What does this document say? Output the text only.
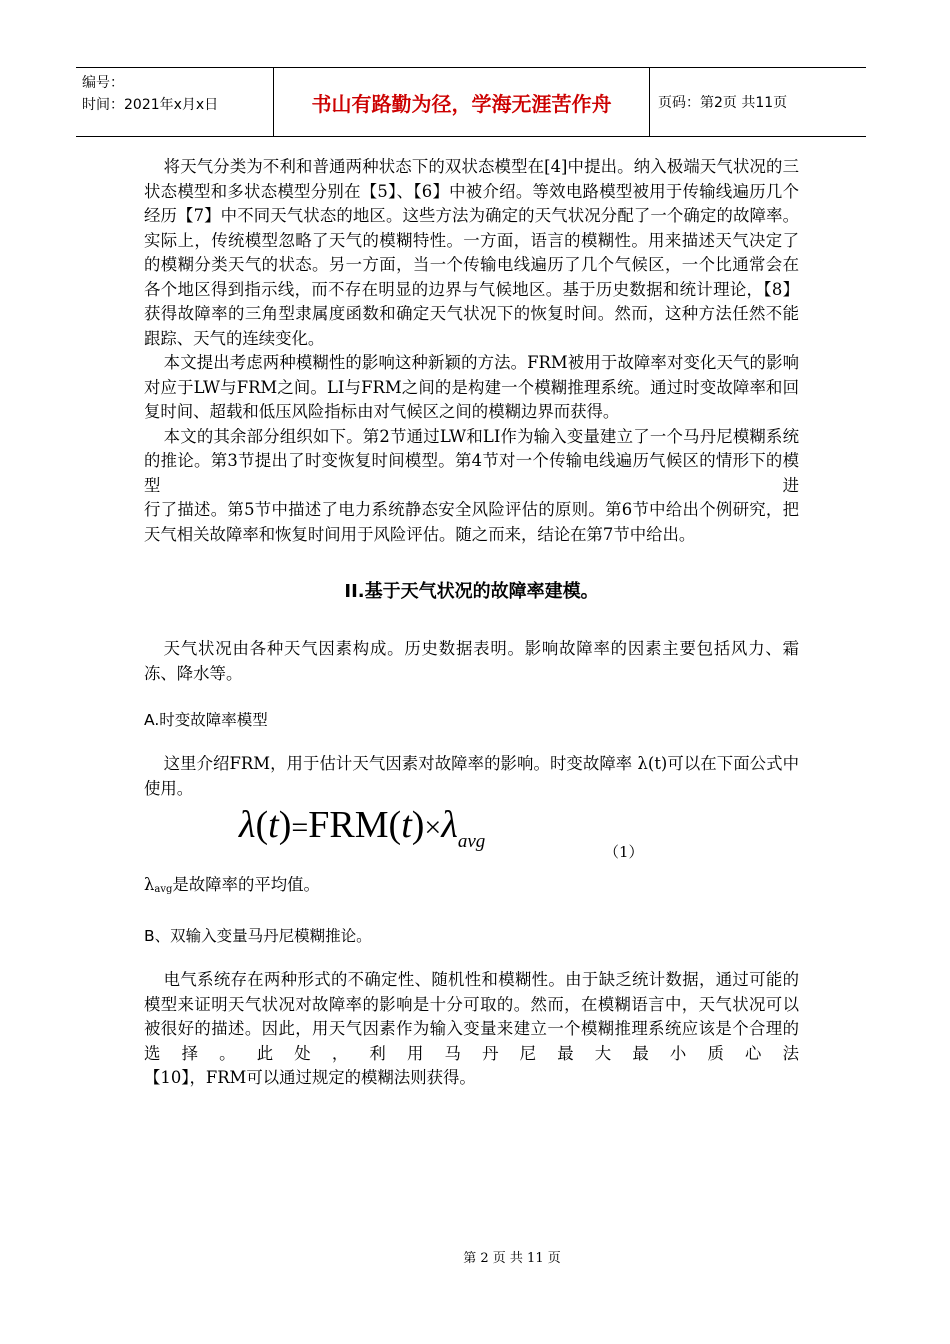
编号：
时间：2021年x月x日	书山有路勤为径，学海无涯苦作舟	页码：第2页 共11页

将天气分类为不利和普通两种状态下的双状态模型在[4]中提出。纳入极端天气状况的三状态模型和多状态模型分别在【5】、【6】中被介绍。等效电路模型被用于传输线遍历几个经历【7】中不同天气状态的地区。这些方法为确定的天气状况分配了一个确定的故障率。实际上，传统模型忽略了天气的模糊特性。一方面，语言的模糊性。用来描述天气决定了的模糊分类天气的状态。另一方面，当一个传输电线遍历了几个气候区，一个比通常会在各个地区得到指示线，而不存在明显的边界与气候地区。基于历史数据和统计理论，【8】获得故障率的三角型隶属度函数和确定天气状况下的恢复时间。然而，这种方法任然不能跟踪、天气的连续变化。

本文提出考虑两种模糊性的影响这种新颖的方法。FRM被用于故障率对变化天气的影响对应于LW与FRM之间。LI与FRM之间的是构建一个模糊推理系统。通过时变故障率和回复时间、超载和低压风险指标由对气候区之间的模糊边界而获得。

本文的其余部分组织如下。第2节通过LW和LI作为输入变量建立了一个马丹尼模糊系统的推论。第3节提出了时变恢复时间模型。第4节对一个传输电线遍历气候区的情形下的模型进

行了描述。第5节中描述了电力系统静态安全风险评估的原则。第6节中给出个例研究，把天气相关故障率和恢复时间用于风险评估。随之而来，结论在第7节中给出。

II.基于天气状况的故障率建模。

天气状况由各种天气因素构成。历史数据表明。影响故障率的因素主要包括风力、霜冻、降水等。

A.时变故障率模型

这里介绍FRM，用于估计天气因素对故障率的影响。时变故障率 λ(t)可以在下面公式中使用。

$\lambda(t)=FRM(t)\times\lambda_{avg}$	（1）

λavg是故障率的平均值。

B、双输入变量马丹尼模糊推论。

电气系统存在两种形式的不确定性、随机性和模糊性。由于缺乏统计数据，通过可能的模型来证明天气状况对故障率的影响是十分可取的。然而，在模糊语言中，天气状况可以被很好的描述。因此，用天气因素作为输入变量来建立一个模糊推理系统应该是个合理的选择。此处，利用马丹尼最大最小质心法

【10】，FRM可以通过规定的模糊法则获得。

第 2 页 共 11 页
